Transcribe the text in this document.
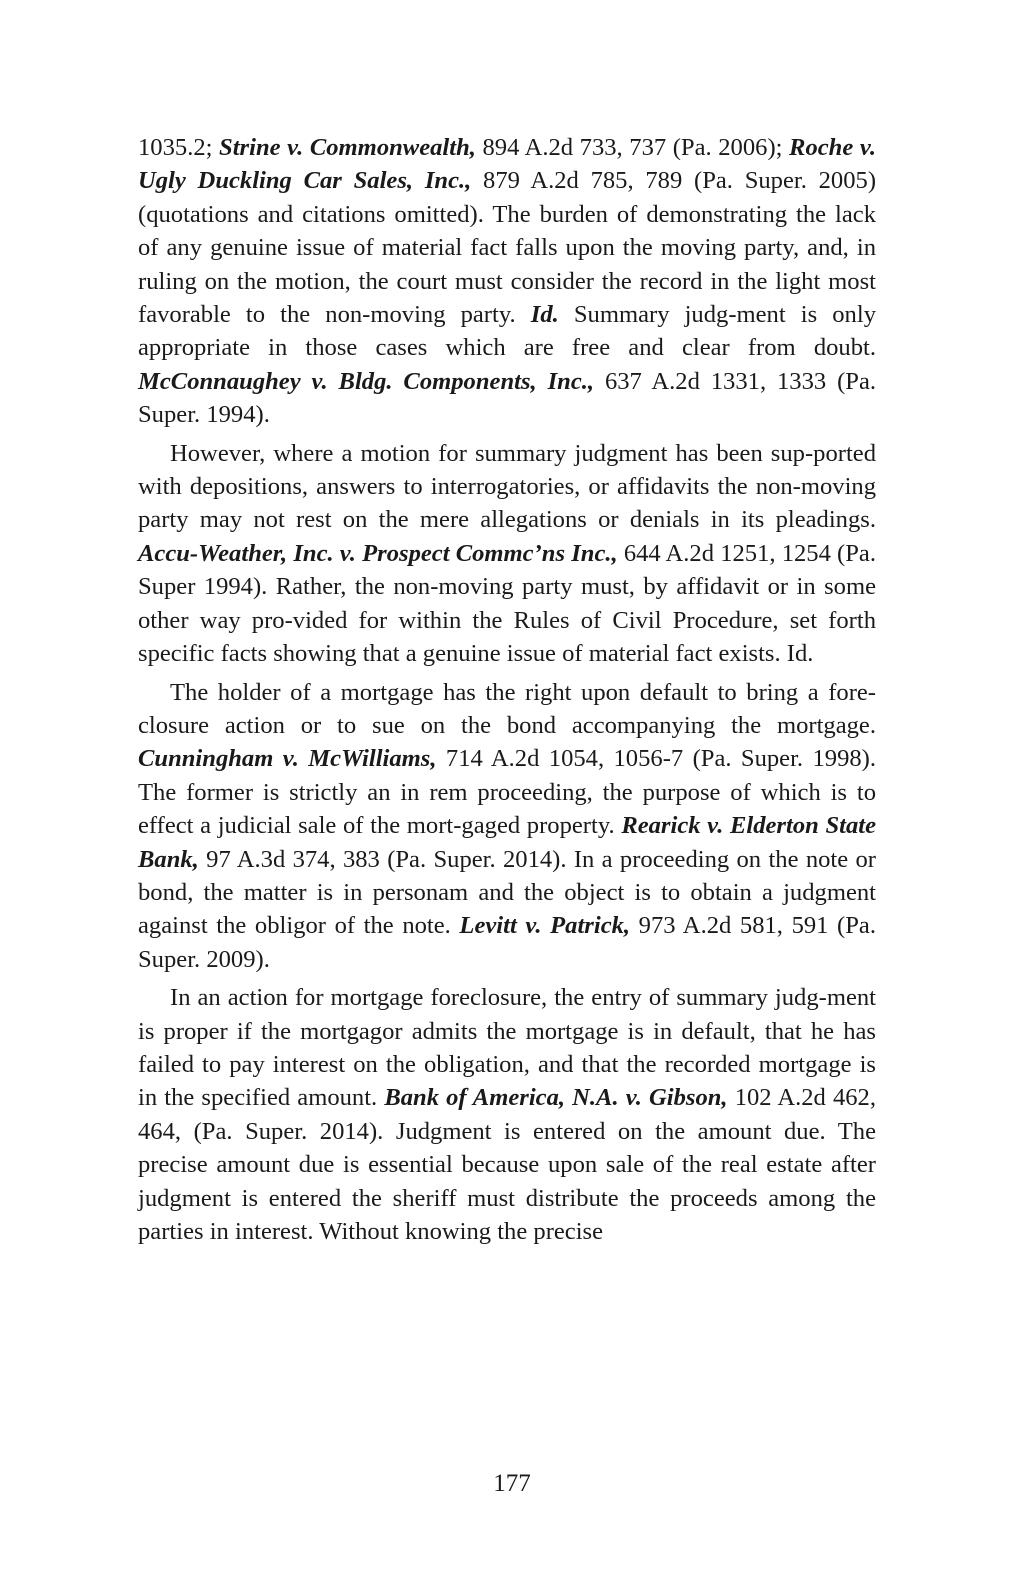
1035.2; Strine v. Commonwealth, 894 A.2d 733, 737 (Pa. 2006); Roche v. Ugly Duckling Car Sales, Inc., 879 A.2d 785, 789 (Pa. Super. 2005) (quotations and citations omitted). The burden of demonstrating the lack of any genuine issue of material fact falls upon the moving party, and, in ruling on the motion, the court must consider the record in the light most favorable to the non-moving party. Id. Summary judg-ment is only appropriate in those cases which are free and clear from doubt. McConnaughey v. Bldg. Components, Inc., 637 A.2d 1331, 1333 (Pa. Super. 1994).

However, where a motion for summary judgment has been sup-ported with depositions, answers to interrogatories, or affidavits the non-moving party may not rest on the mere allegations or denials in its pleadings. Accu-Weather, Inc. v. Prospect Commc’ns Inc., 644 A.2d 1251, 1254 (Pa. Super 1994). Rather, the non-moving party must, by affidavit or in some other way pro-vided for within the Rules of Civil Procedure, set forth specific facts showing that a genuine issue of material fact exists. Id.

The holder of a mortgage has the right upon default to bring a fore-closure action or to sue on the bond accompanying the mortgage. Cunningham v. McWilliams, 714 A.2d 1054, 1056-7 (Pa. Super. 1998). The former is strictly an in rem proceeding, the purpose of which is to effect a judicial sale of the mort-gaged property. Rearick v. Elderton State Bank, 97 A.3d 374, 383 (Pa. Super. 2014). In a proceeding on the note or bond, the matter is in personam and the object is to obtain a judgment against the obligor of the note. Levitt v. Patrick, 973 A.2d 581, 591 (Pa. Super. 2009).

In an action for mortgage foreclosure, the entry of summary judg-ment is proper if the mortgagor admits the mortgage is in default, that he has failed to pay interest on the obligation, and that the recorded mortgage is in the specified amount. Bank of America, N.A. v. Gibson, 102 A.2d 462, 464, (Pa. Super. 2014). Judgment is entered on the amount due. The precise amount due is essential because upon sale of the real estate after judgment is entered the sheriff must distribute the proceeds among the parties in interest. Without knowing the precise

177
